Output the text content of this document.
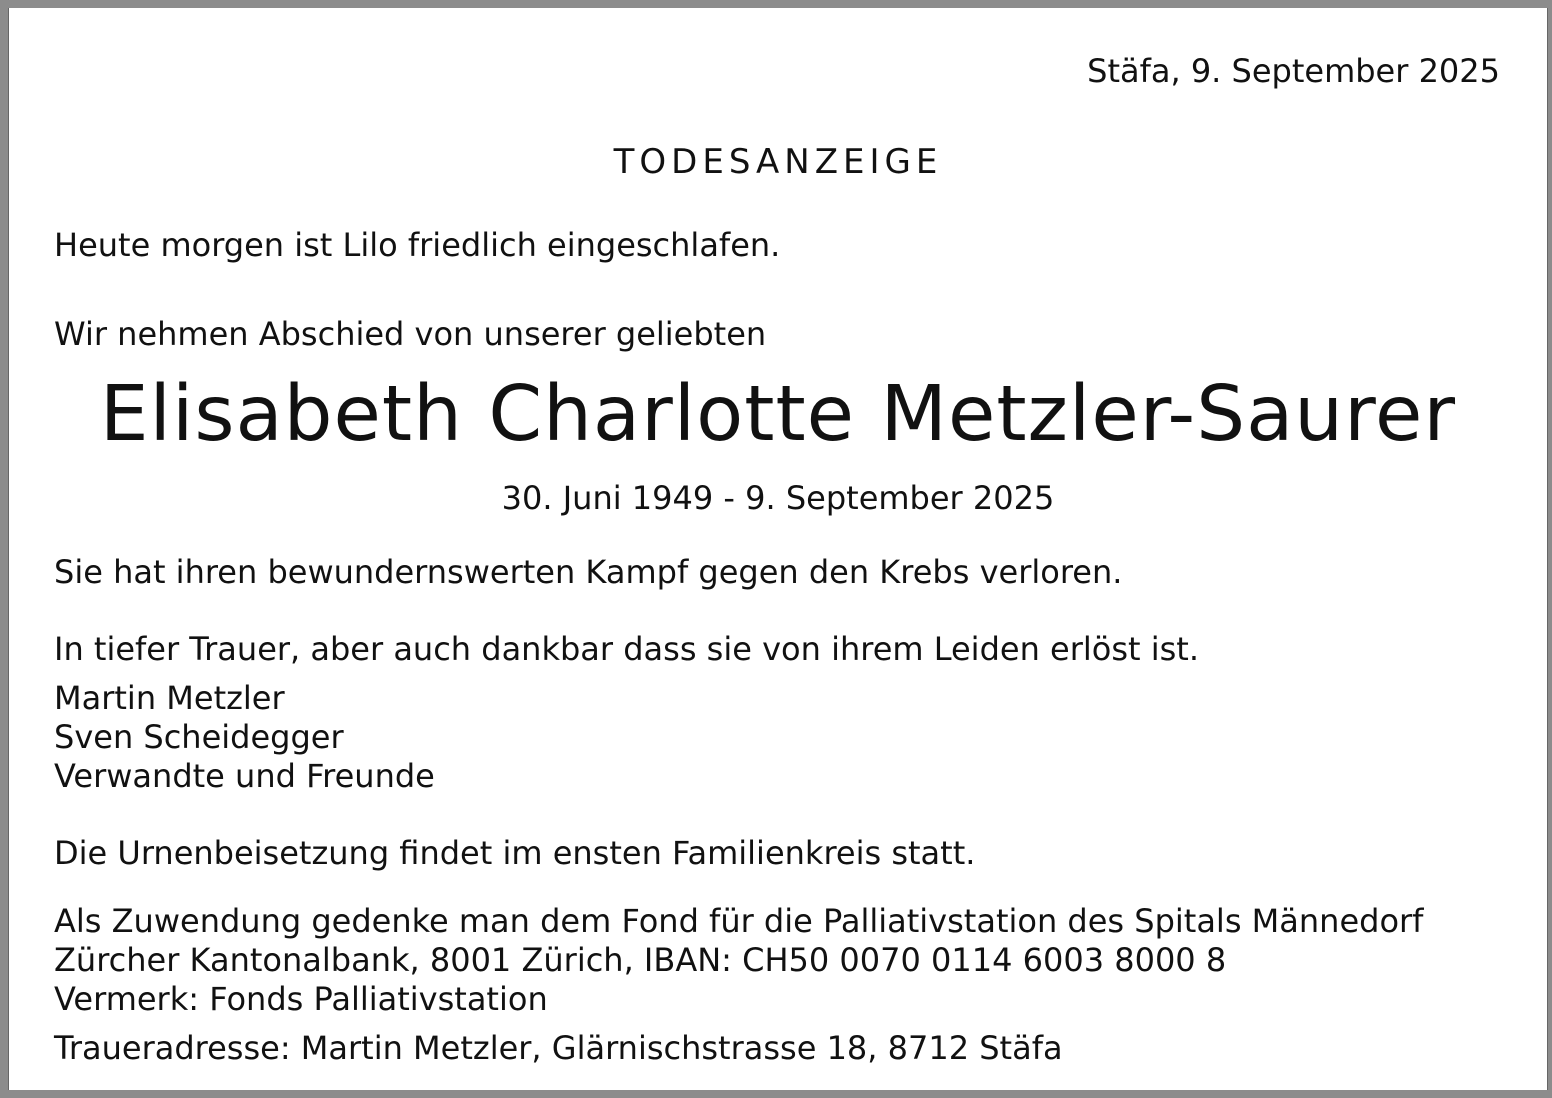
Stäfa, 9. September 2025

TODESANZEIGE

Heute morgen ist Lilo friedlich eingeschlafen.

Wir nehmen Abschied von unserer geliebten

Elisabeth Charlotte Metzler-Saurer

30. Juni 1949 - 9. September 2025

Sie hat ihren bewundernswerten Kampf gegen den Krebs verloren.

In tiefer Trauer, aber auch dankbar dass sie von ihrem Leiden erlöst ist.

Martin Metzler

Sven Scheidegger

Verwandte und Freunde

Die Urnenbeisetzung findet im ensten Familienkreis statt.

Als Zuwendung gedenke man dem Fond für die Palliativstation des Spitals Männedorf

Zürcher Kantonalbank, 8001 Zürich, IBAN: CH50 0070 0114 6003 8000 8

Vermerk: Fonds Palliativstation

Traueradresse: Martin Metzler, Glärnischstrasse 18, 8712 Stäfa
